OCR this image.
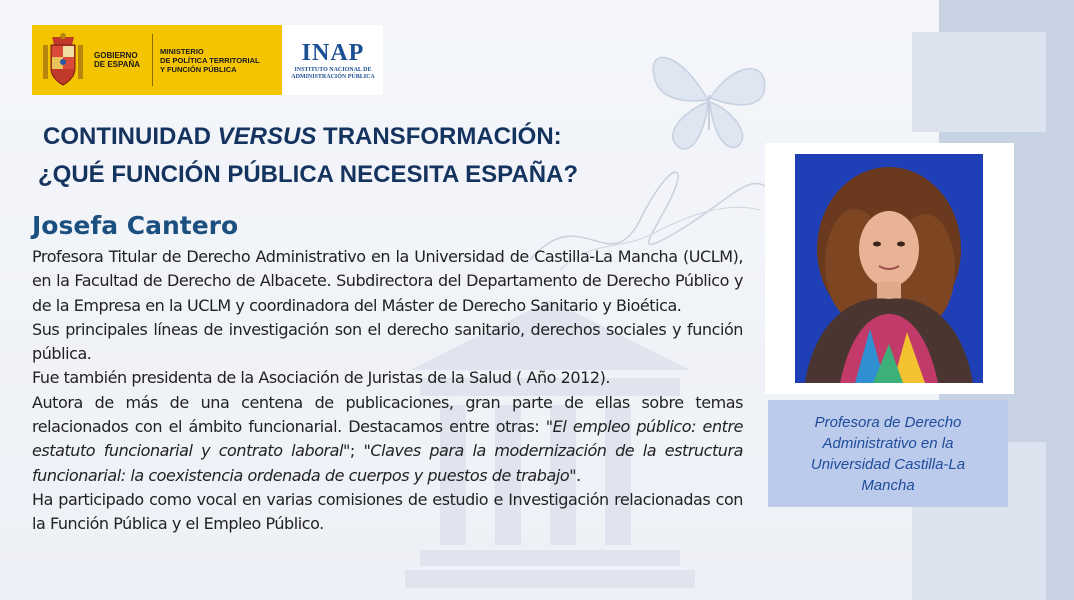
GOBIERNO
DE ESPAÑA
MINISTERIO
DE POLÍTICA TERRITORIAL
Y FUNCIÓN PÚBLICA
INAP
INSTITUTO NACIONAL DE
ADMINISTRACIÓN PÚBLICA
CONTINUIDAD VERSUS TRANSFORMACIÓN:
¿QUÉ FUNCIÓN PÚBLICA NECESITA ESPAÑA?
Josefa Cantero

Profesora Titular de Derecho Administrativo en la Universidad de Castilla-La Mancha (UCLM), en la Facultad de Derecho de Albacete. Subdirectora del Departamento de Derecho Público y de la Empresa en la UCLM y coordinadora del Máster de Derecho Sanitario y Bioética.

Sus principales líneas de investigación son el derecho sanitario, derechos sociales y función pública.

Fue también presidenta de la Asociación de Juristas de la Salud ( Año 2012).

Autora de más de una centena de publicaciones, gran parte de ellas sobre temas relacionados con el ámbito funcionarial. Destacamos entre otras: "El empleo público: entre estatuto funcionarial y contrato laboral"; "Claves para la modernización de la estructura funcionarial: la coexistencia ordenada de cuerpos y puestos de trabajo".

Ha participado como vocal en varias comisiones de estudio e Investigación relacionadas con la Función Pública y el Empleo Público.

Profesora de Derecho Administrativo en la Universidad Castilla-La Mancha
